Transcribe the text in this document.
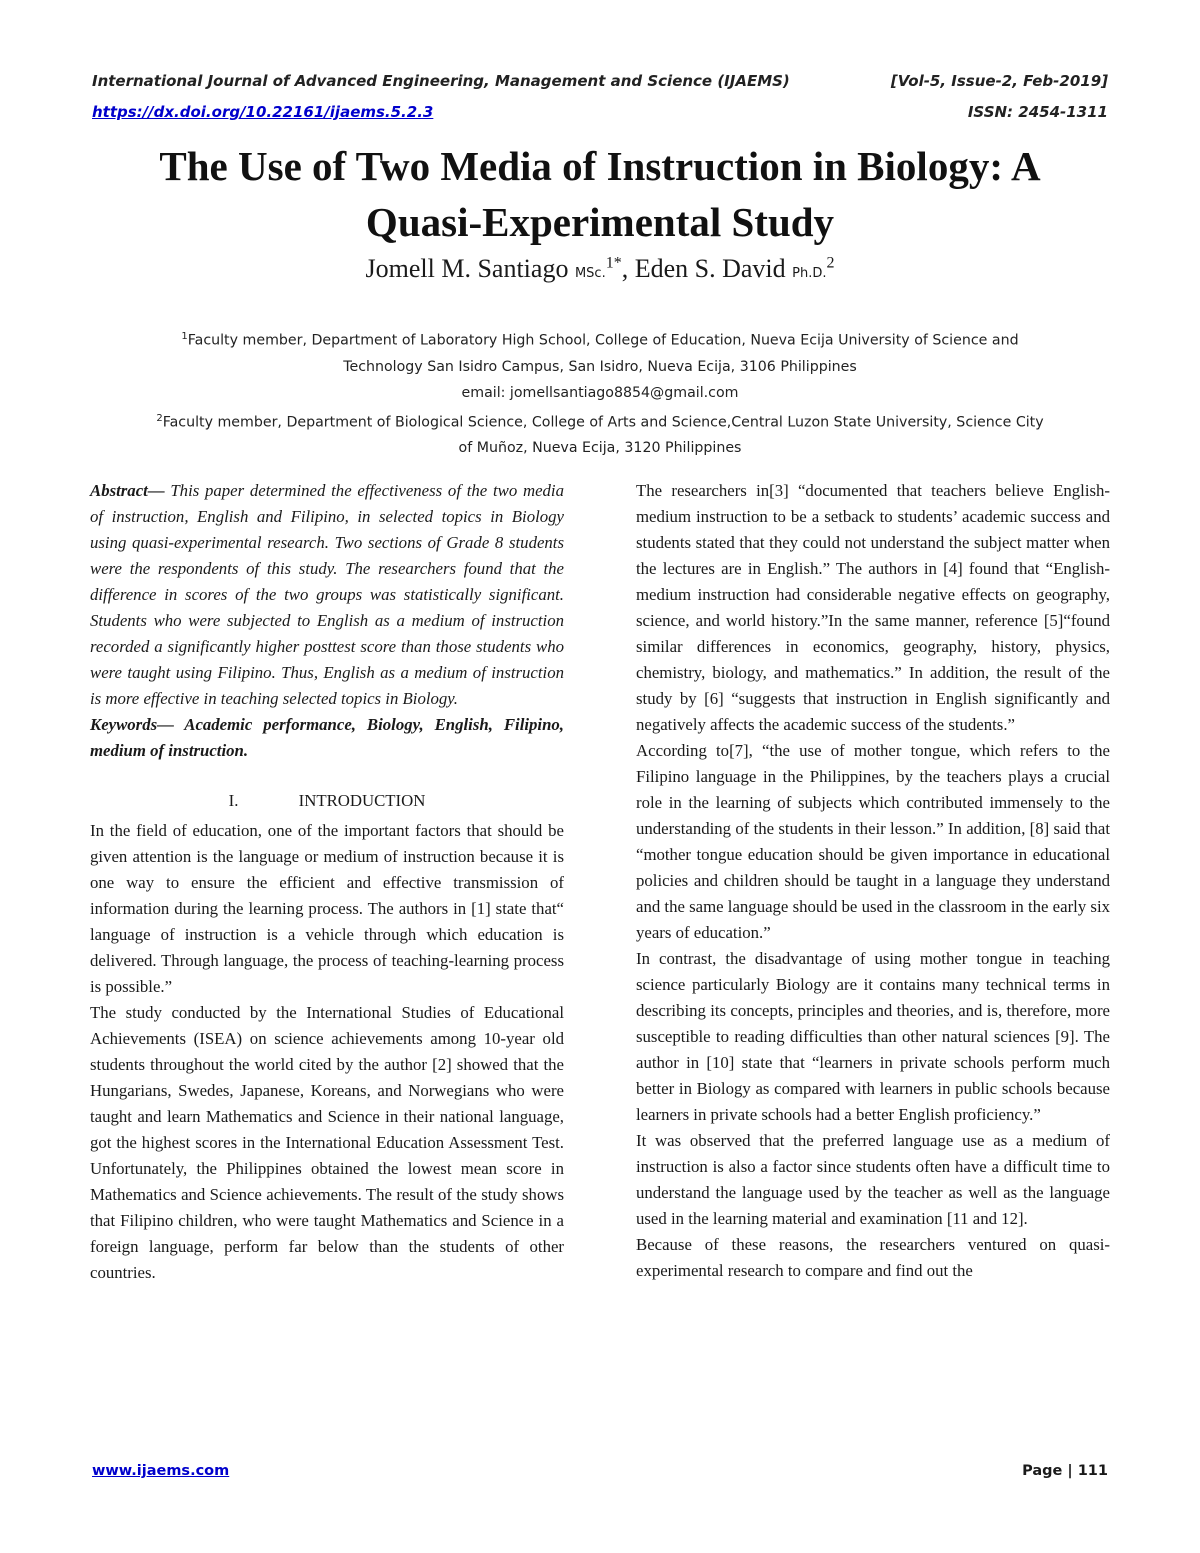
International Journal of Advanced Engineering, Management and Science (IJAEMS)	[Vol-5, Issue-2, Feb-2019]
https://dx.doi.org/10.22161/ijaems.5.2.3	ISSN: 2454-1311
The Use of Two Media of Instruction in Biology: A
Quasi-Experimental Study
Jomell M. Santiago MSc.$^{1*}$, Eden S. David Ph.D.$^2$
$^1$Faculty member, Department of Laboratory High School, College of Education, Nueva Ecija University of Science and
Technology San Isidro Campus, San Isidro, Nueva Ecija, 3106 Philippines
email: jomellsantiago8854@gmail.com
$^2$Faculty member, Department of Biological Science, College of Arts and Science,Central Luzon State University, Science City
of Muñoz, Nueva Ecija, 3120 Philippines

Abstract— This paper determined the effectiveness of the two media of instruction, English and Filipino, in selected topics in Biology using quasi-experimental research. Two sections of Grade 8 students were the respondents of this study. The researchers found that the difference in scores of the two groups was statistically significant. Students who were subjected to English as a medium of instruction recorded a significantly higher posttest score than those students who were taught using Filipino. Thus, English as a medium of instruction is more effective in teaching selected topics in Biology.

Keywords— Academic performance, Biology, English, Filipino, medium of instruction.

I.	INTRODUCTION

In the field of education, one of the important factors that should be given attention is the language or medium of instruction because it is one way to ensure the efficient and effective transmission of information during the learning process. The authors in [1] state that“ language of instruction is a vehicle through which education is delivered. Through language, the process of teaching-learning process is possible.”

The study conducted by the International Studies of Educational Achievements (ISEA) on science achievements among 10-year old students throughout the world cited by the author [2] showed that the Hungarians, Swedes, Japanese, Koreans, and Norwegians who were taught and learn Mathematics and Science in their national language, got the highest scores in the International Education Assessment Test. Unfortunately, the Philippines obtained the lowest mean score in Mathematics and Science achievements. The result of the study shows that Filipino children, who were taught Mathematics and Science in a foreign language, perform far below than the students of other countries.

The researchers in[3] “documented that teachers believe English-medium instruction to be a setback to students’ academic success and students stated that they could not understand the subject matter when the lectures are in English.” The authors in [4] found that “English-medium instruction had considerable negative effects on geography, science, and world history.”In the same manner, reference [5]“found similar differences in economics, geography, history, physics, chemistry, biology, and mathematics.” In addition, the result of the study by [6] “suggests that instruction in English significantly and negatively affects the academic success of the students.”

According to[7], “the use of mother tongue, which refers to the Filipino language in the Philippines, by the teachers plays a crucial role in the learning of subjects which contributed immensely to the understanding of the students in their lesson.” In addition, [8] said that “mother tongue education should be given importance in educational policies and children should be taught in a language they understand and the same language should be used in the classroom in the early six years of education.”

In contrast, the disadvantage of using mother tongue in teaching science particularly Biology are it contains many technical terms in describing its concepts, principles and theories, and is, therefore, more susceptible to reading difficulties than other natural sciences [9]. The author in [10] state that “learners in private schools perform much better in Biology as compared with learners in public schools because learners in private schools had a better English proficiency.”

It was observed that the preferred language use as a medium of instruction is also a factor since students often have a difficult time to understand the language used by the teacher as well as the language used in the learning material and examination [11 and 12].

Because of these reasons, the researchers ventured on quasi-experimental research to compare and find out the

www.ijaems.com	Page | 111
